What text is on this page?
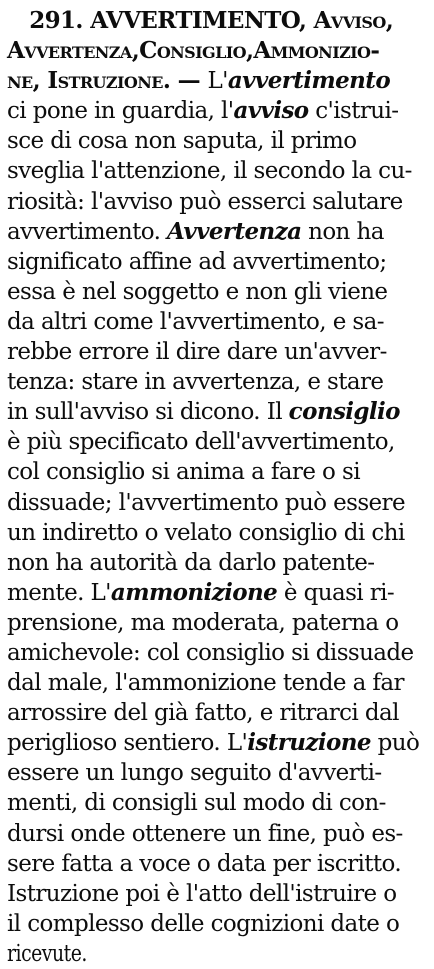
291. AVVERTIMENTO, Avviso,
Avvertenza,Consiglio,Ammonizio-
ne, Istruzione. — L'avvertimento
ci pone in guardia, l'avviso c'istrui-
sce di cosa non saputa, il primo
sveglia l'attenzione, il secondo la cu-
riosità: l'avviso può esserci salutare
avvertimento. Avvertenza non ha
significato affine ad avvertimento;
essa è nel soggetto e non gli viene
da altri come l'avvertimento, e sa-
rebbe errore il dire dare un'avver-
tenza: stare in avvertenza, e stare
in sull'avviso si dicono. Il consiglio
è più specificato dell'avvertimento,
col consiglio si anima a fare o si
dissuade; l'avvertimento può essere
un indiretto o velato consiglio di chi
non ha autorità da darlo patente-
mente. L'ammonizione è quasi ri-
prensione, ma moderata, paterna o
amichevole: col consiglio si dissuade
dal male, l'ammonizione tende a far
arrossire del già fatto, e ritrarci dal
periglioso sentiero. L'istruzione può
essere un lungo seguito d'avverti-
menti, di consigli sul modo di con-
dursi onde ottenere un fine, può es-
sere fatta a voce o data per iscritto.
Istruzione poi è l'atto dell'istruire o
il complesso delle cognizioni date o
ricevute.
